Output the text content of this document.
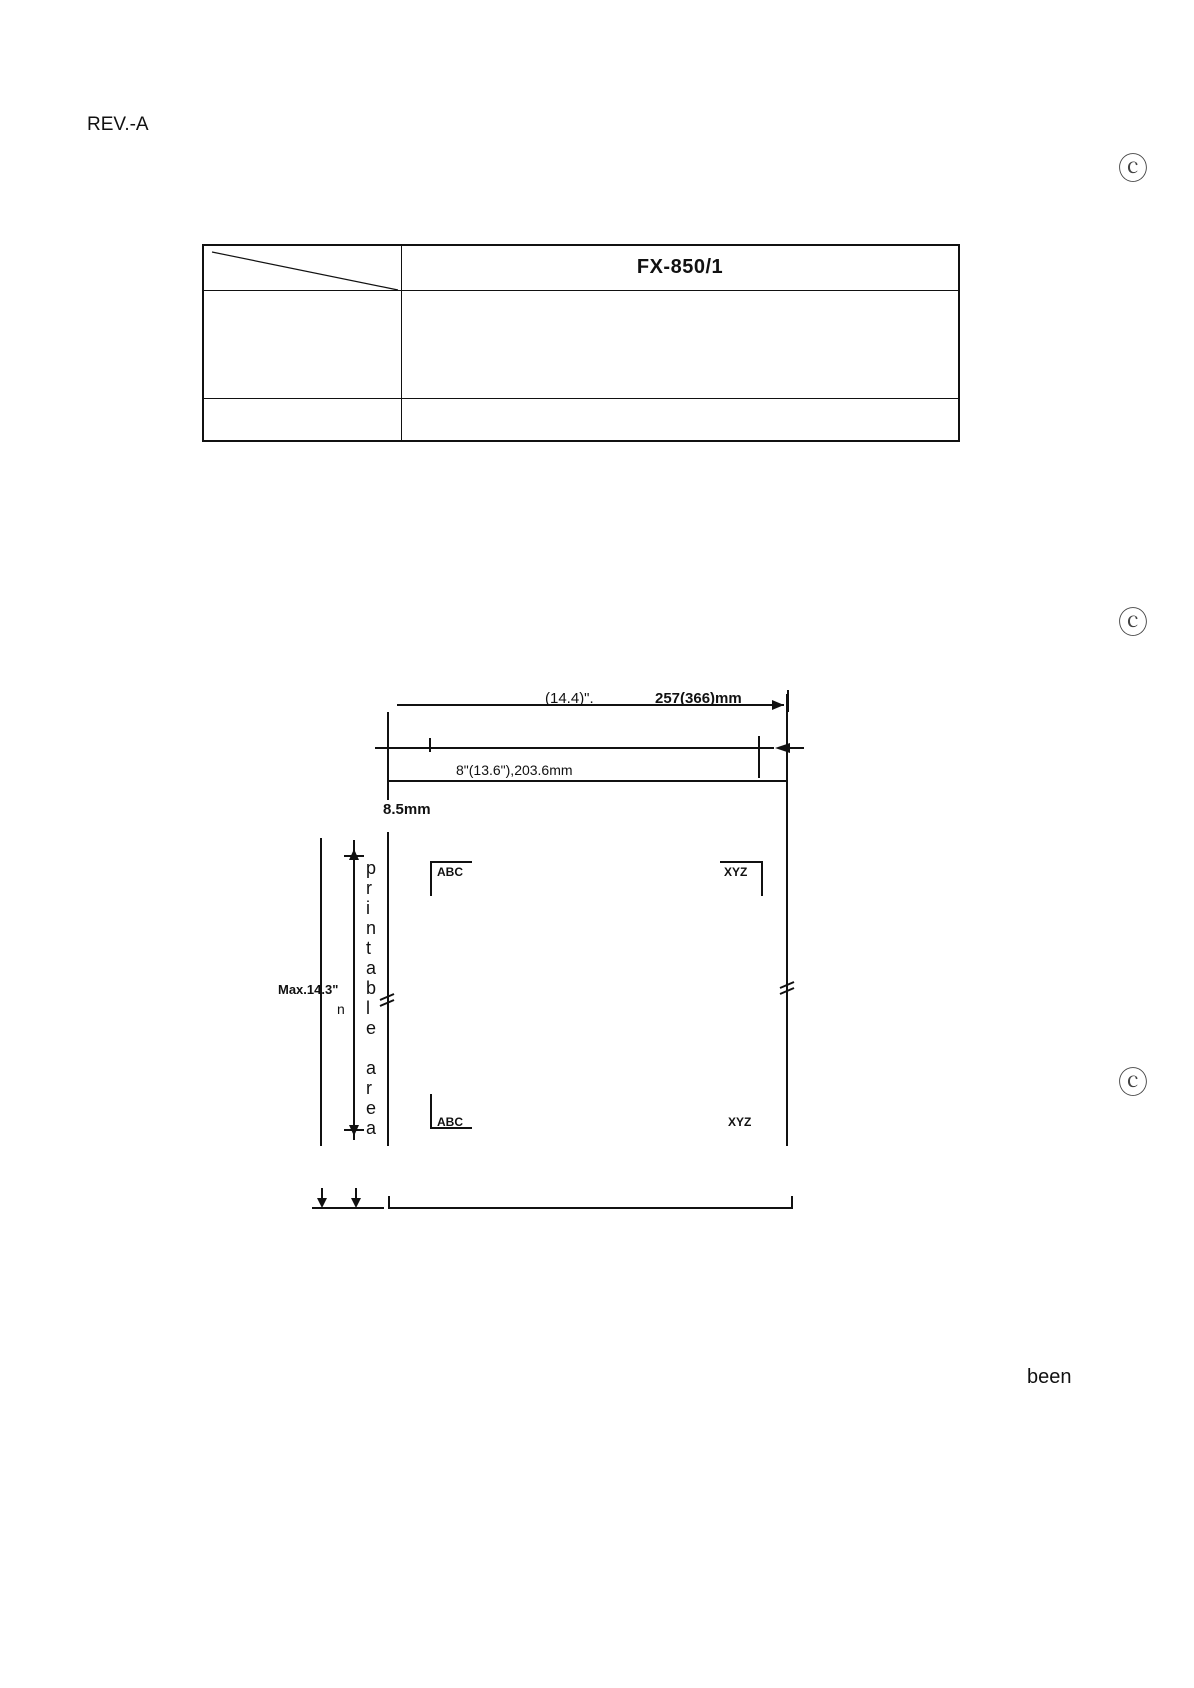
REV.-A
ⓒ
ⓒ
ⓒ
FX-850/1
(14.4)".	257(366)mm
8"(13.6"),203.6mm
8.5mm
Max.14.3"
n
ABC	XYZ
ABC	XYZ
p
r
i
n
t
a
b
l
e
a
r
e
a
been
